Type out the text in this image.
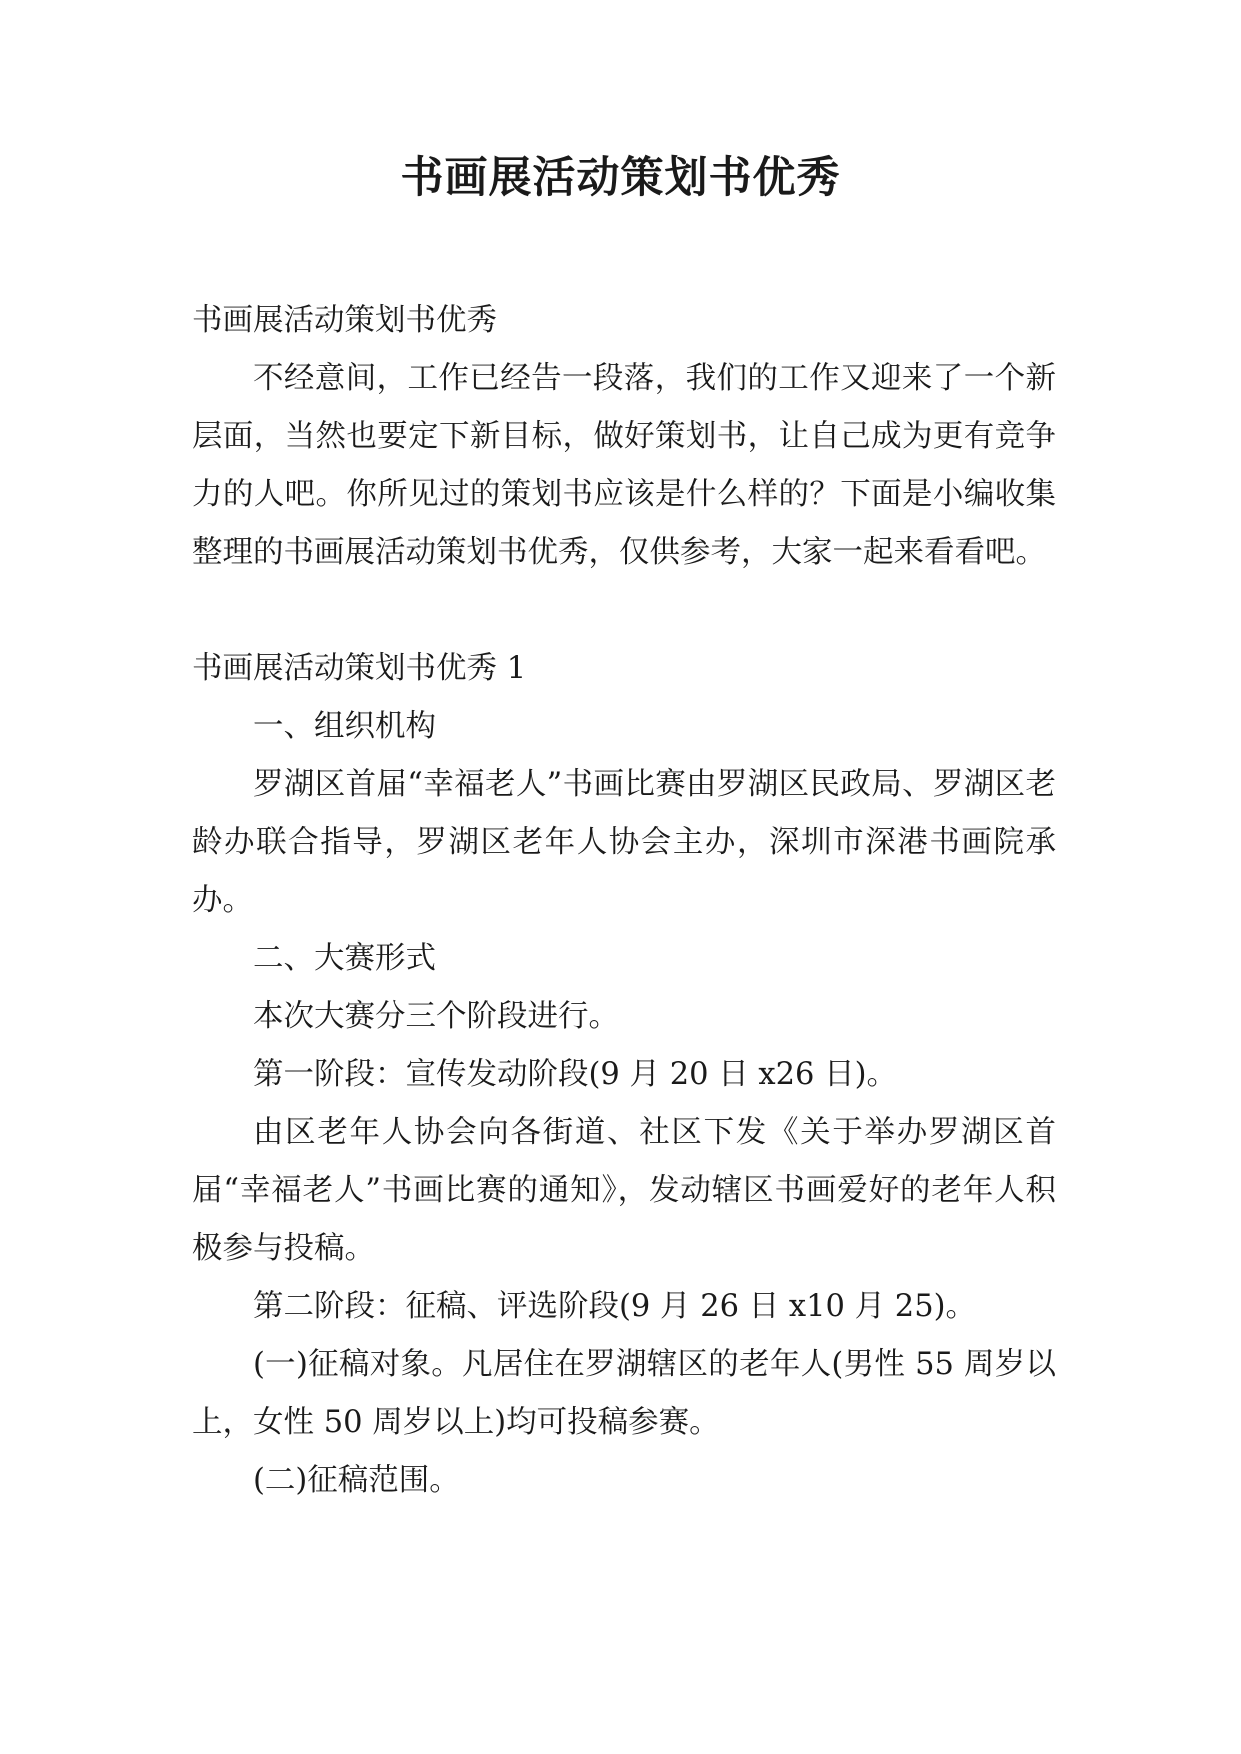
书画展活动策划书优秀

书画展活动策划书优秀

不经意间，工作已经告一段落，我们的工作又迎来了一个新层面，当然也要定下新目标，做好策划书，让自己成为更有竞争力的人吧。你所见过的策划书应该是什么样的？下面是小编收集整理的书画展活动策划书优秀，仅供参考，大家一起来看看吧。

书画展活动策划书优秀 1

一、组织机构

罗湖区首届“幸福老人”书画比赛由罗湖区民政局、罗湖区老龄办联合指导，罗湖区老年人协会主办，深圳市深港书画院承办。

二、大赛形式

本次大赛分三个阶段进行。

第一阶段：宣传发动阶段(9 月 20 日 x26 日)。

由区老年人协会向各街道、社区下发《关于举办罗湖区首届“幸福老人”书画比赛的通知》，发动辖区书画爱好的老年人积极参与投稿。

第二阶段：征稿、评选阶段(9 月 26 日 x10 月 25)。

(一)征稿对象。凡居住在罗湖辖区的老年人(男性 55 周岁以上，女性 50 周岁以上)均可投稿参赛。

(二)征稿范围。
